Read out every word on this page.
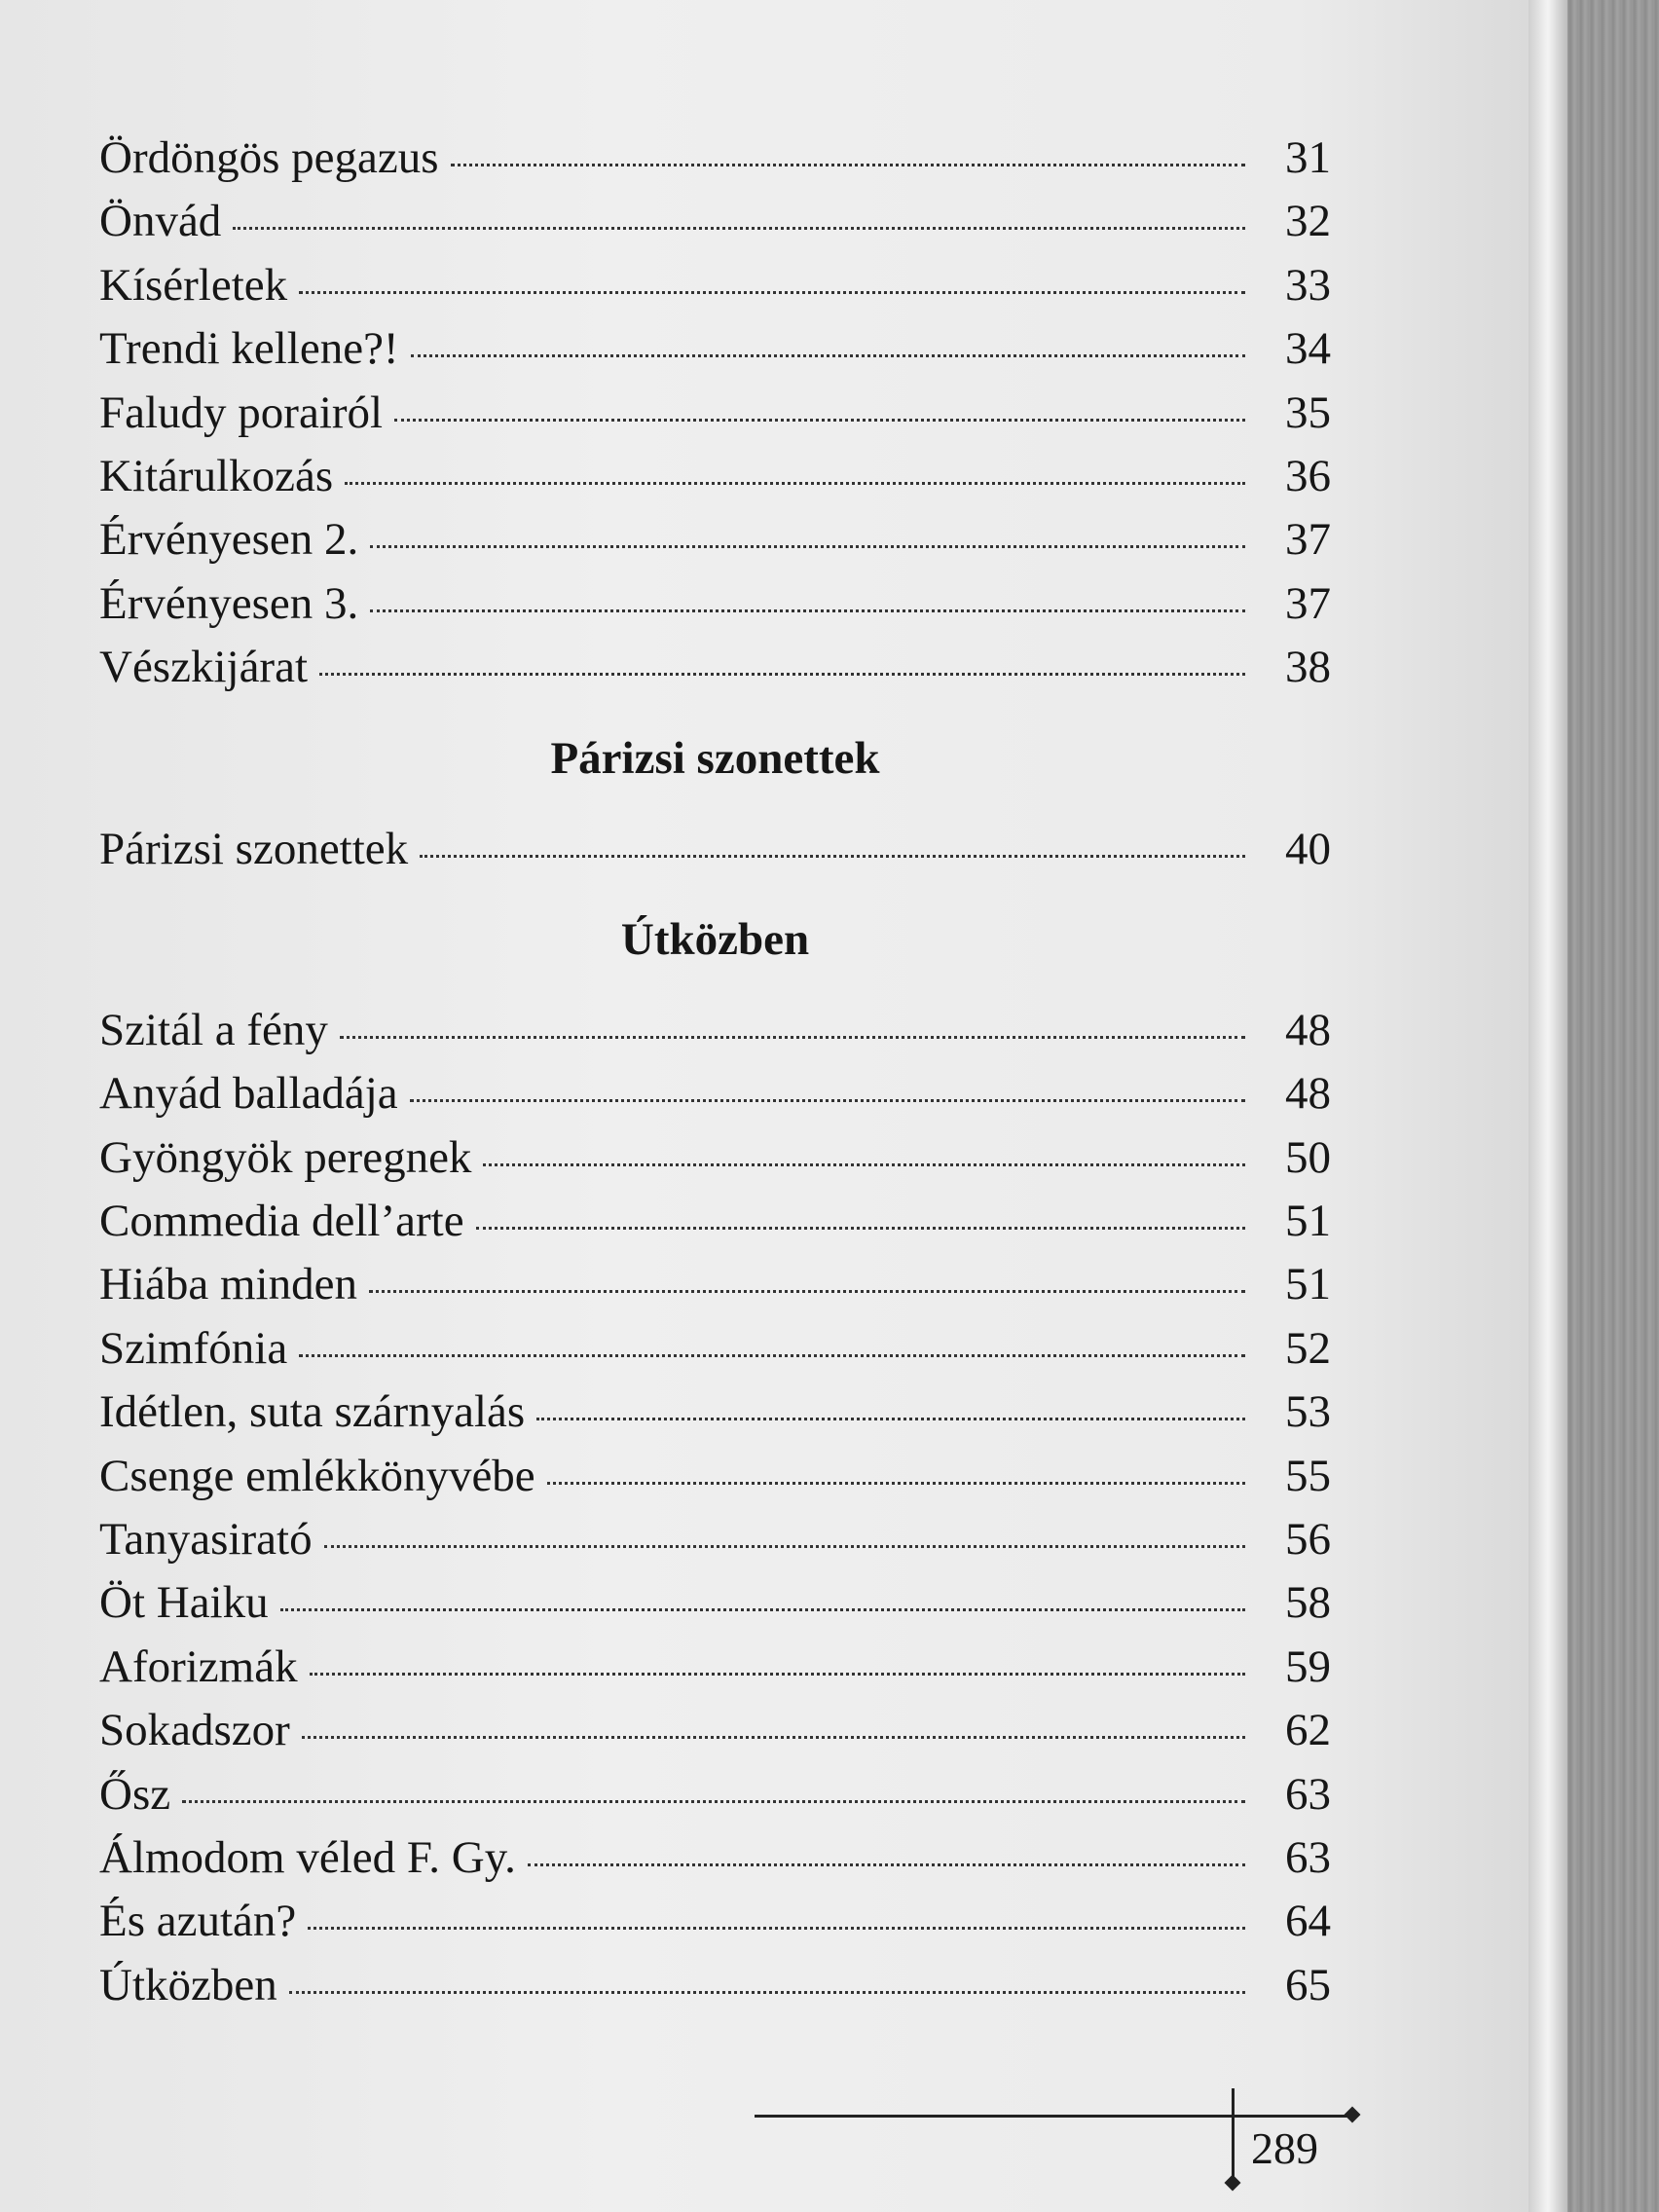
Ördöngös pegazus	31
Önvád	32
Kísérletek	33
Trendi kellene?!	34
Faludy porairól	35
Kitárulkozás	36
Érvényesen 2.	37
Érvényesen 3.	37
Vészkijárat	38
Párizsi szonettek
Párizsi szonettek	40
Útközben
Szitál a fény	48
Anyád balladája	48
Gyöngyök peregnek	50
Commedia dell’arte	51
Hiába minden	51
Szimfónia	52
Idétlen, suta szárnyalás	53
Csenge emlékkönyvébe	55
Tanyasirató	56
Öt Haiku	58
Aforizmák	59
Sokadszor	62
Ősz	63
Álmodom véled F. Gy.	63
És azután?	64
Útközben	65
289
